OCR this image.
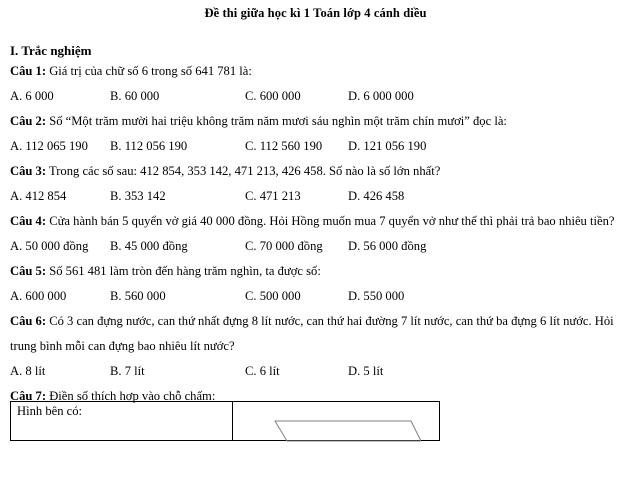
Đề thi giữa học kì 1 Toán lớp 4 cánh diều
I. Trắc nghiệm
Câu 1: Giá trị của chữ số 6 trong số 641 781 là:
A. 6 000	B. 60 000	C. 600 000	D. 6 000 000
Câu 2: Số “Một trăm mười hai triệu không trăm năm mươi sáu nghìn một trăm chín mươi” đọc là:
A. 112 065 190	B. 112 056 190	C. 112 560 190	D. 121 056 190
Câu 3: Trong các số sau: 412 854, 353 142, 471 213, 426 458. Số nào là số lớn nhất?
A. 412 854	B. 353 142	C. 471 213	D. 426 458
Câu 4: Cửa hành bán 5 quyển vở giá 40 000 đồng. Hỏi Hồng muốn mua 7 quyển vở như thế thì phải trả bao nhiêu tiền?
A. 50 000 đồng	B. 45 000 đồng	C. 70 000 đồng	D. 56 000 đồng
Câu 5: Số 561 481 làm tròn đến hàng trăm nghìn, ta được số:
A. 600 000	B. 560 000	C. 500 000	D. 550 000
Câu 6: Có 3 can đựng nước, can thứ nhất đựng 8 lít nước, can thứ hai đường 7 lít nước, can thứ ba đựng 6 lít nước. Hỏi trung bình mỗi can đựng bao nhiêu lít nước?
A. 8 lít	B. 7 lít	C. 6 lít	D. 5 lít
Câu 7: Điền số thích hợp vào chỗ chấm:
Hình bên có:	
